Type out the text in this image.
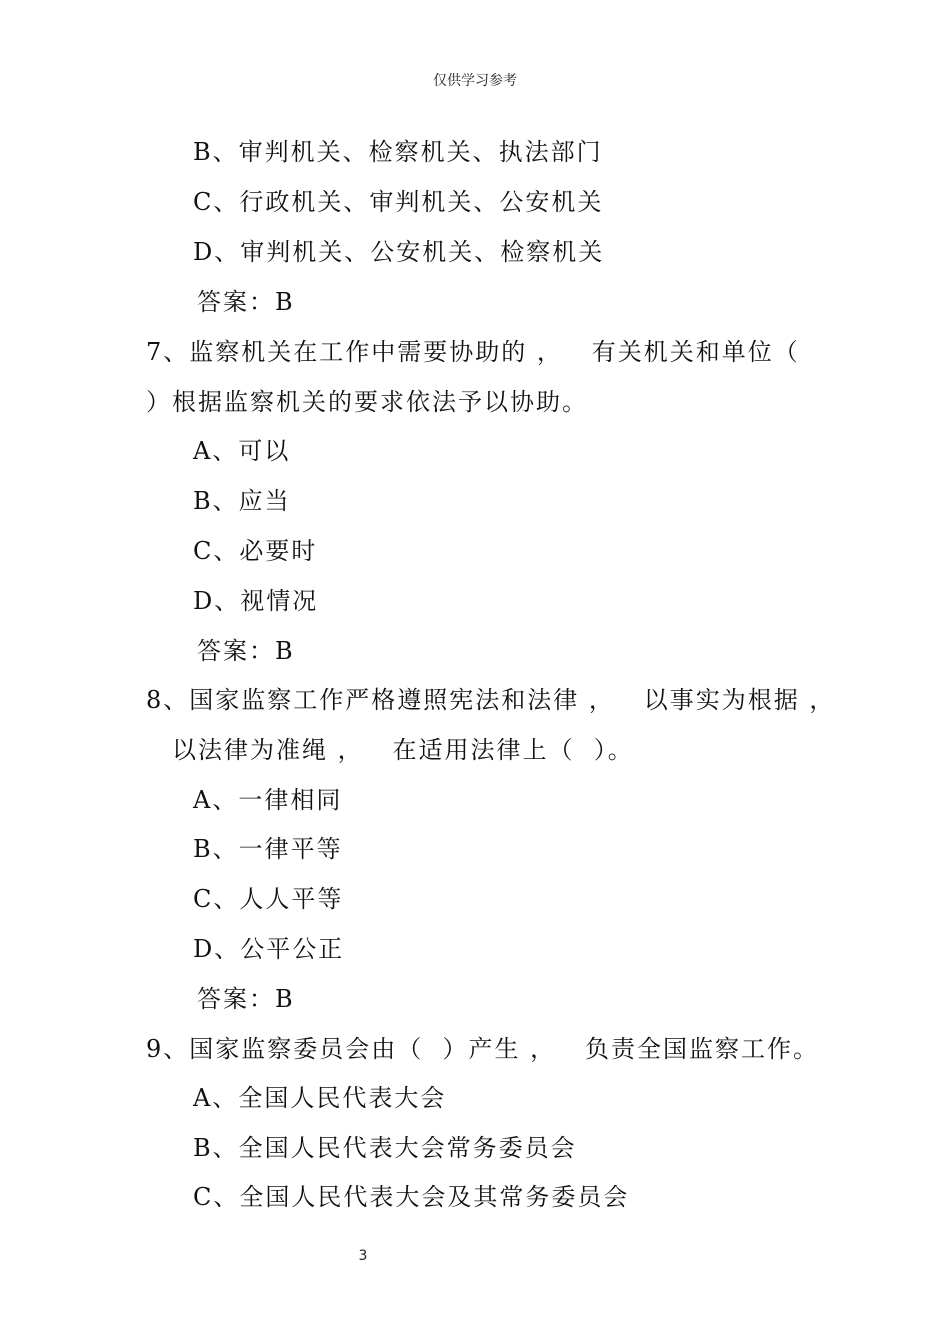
仅供学习参考
B、审判机关、检察机关、执法部门
C、行政机关、审判机关、公安机关
D、审判机关、公安机关、检察机关
答案：B
7、监察机关在工作中需要协助的 ，   有关机关和单位（
）根据监察机关的要求依法予以协助。
A、可以
B、应当
C、必要时
D、视情况
答案：B
8、国家监察工作严格遵照宪法和法律 ，   以事实为根据 ，
以法律为准绳 ，   在适用法律上（  ）。
A、一律相同
B、一律平等
C、人人平等
D、公平公正
答案：B
9、国家监察委员会由（  ）产生 ，   负责全国监察工作。
A、全国人民代表大会
B、全国人民代表大会常务委员会
C、全国人民代表大会及其常务委员会
3
